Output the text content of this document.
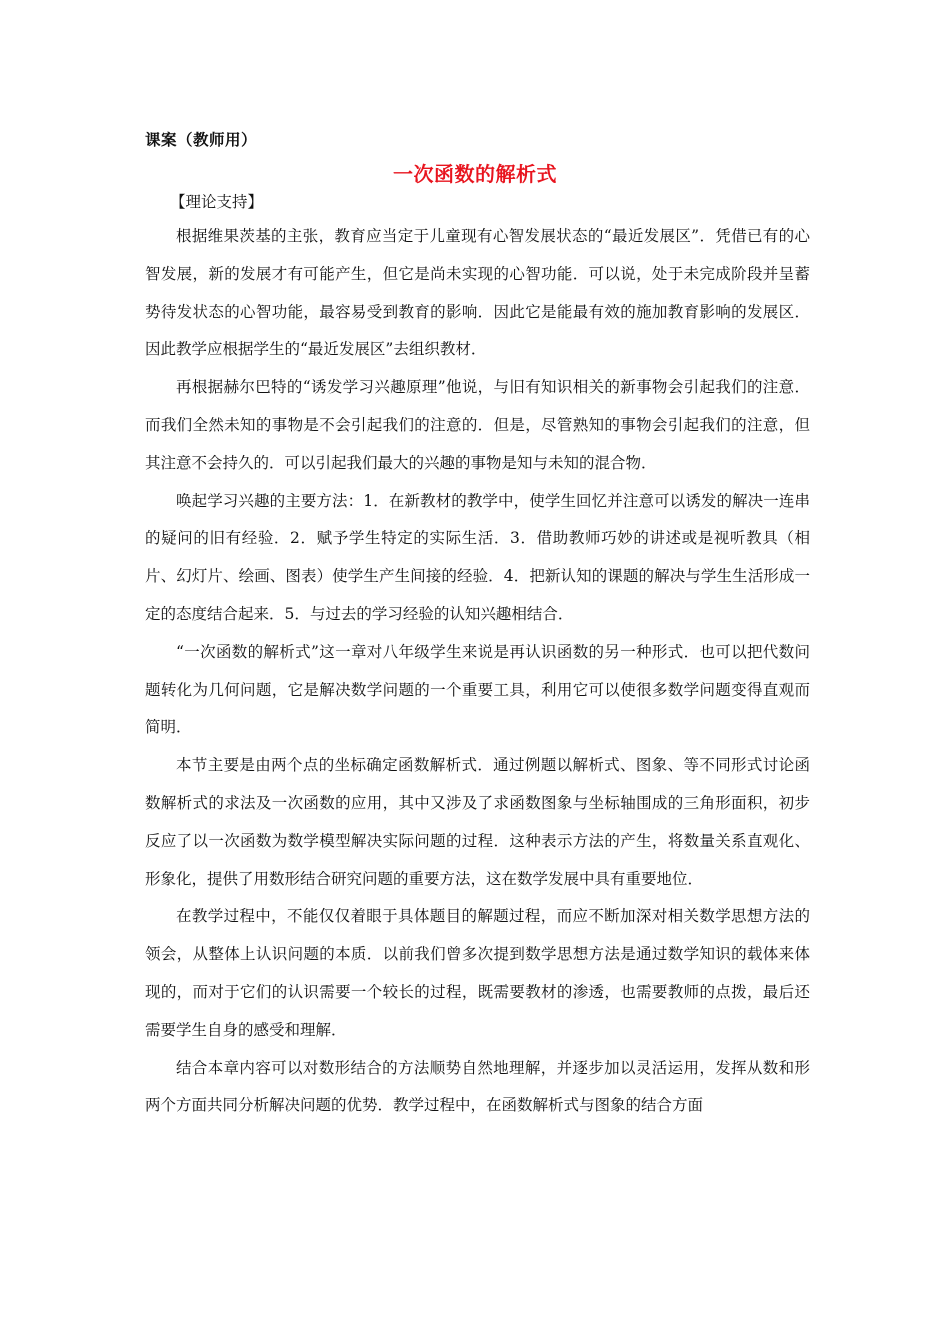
课案（教师用）
一次函数的解析式
【理论支持】

根据维果茨基的主张，教育应当定于儿童现有心智发展状态的“最近发展区”．凭借已有的心智发展，新的发展才有可能产生，但它是尚未实现的心智功能．可以说，处于未完成阶段并呈蓄势待发状态的心智功能，最容易受到教育的影响．因此它是能最有效的施加教育影响的发展区．因此教学应根据学生的“最近发展区”去组织教材．

再根据赫尔巴特的“诱发学习兴趣原理”他说，与旧有知识相关的新事物会引起我们的注意．而我们全然未知的事物是不会引起我们的注意的．但是，尽管熟知的事物会引起我们的注意，但其注意不会持久的．可以引起我们最大的兴趣的事物是知与未知的混合物．

唤起学习兴趣的主要方法：1．在新教材的教学中，使学生回忆并注意可以诱发的解决一连串的疑问的旧有经验．2．赋予学生特定的实际生活．3．借助教师巧妙的讲述或是视听教具（相片、幻灯片、绘画、图表）使学生产生间接的经验．4．把新认知的课题的解决与学生生活形成一定的态度结合起来．5．与过去的学习经验的认知兴趣相结合．

“一次函数的解析式”这一章对八年级学生来说是再认识函数的另一种形式．也可以把代数问题转化为几何问题，它是解决数学问题的一个重要工具，利用它可以使很多数学问题变得直观而简明．

本节主要是由两个点的坐标确定函数解析式．通过例题以解析式、图象、等不同形式讨论函数解析式的求法及一次函数的应用，其中又涉及了求函数图象与坐标轴围成的三角形面积，初步反应了以一次函数为数学模型解决实际问题的过程．这种表示方法的产生，将数量关系直观化、形象化，提供了用数形结合研究问题的重要方法，这在数学发展中具有重要地位．

在教学过程中，不能仅仅着眼于具体题目的解题过程，而应不断加深对相关数学思想方法的领会，从整体上认识问题的本质．以前我们曾多次提到数学思想方法是通过数学知识的载体来体现的，而对于它们的认识需要一个较长的过程，既需要教材的渗透，也需要教师的点拨，最后还需要学生自身的感受和理解．

结合本章内容可以对数形结合的方法顺势自然地理解，并逐步加以灵活运用，发挥从数和形两个方面共同分析解决问题的优势．教学过程中，在函数解析式与图象的结合方面
